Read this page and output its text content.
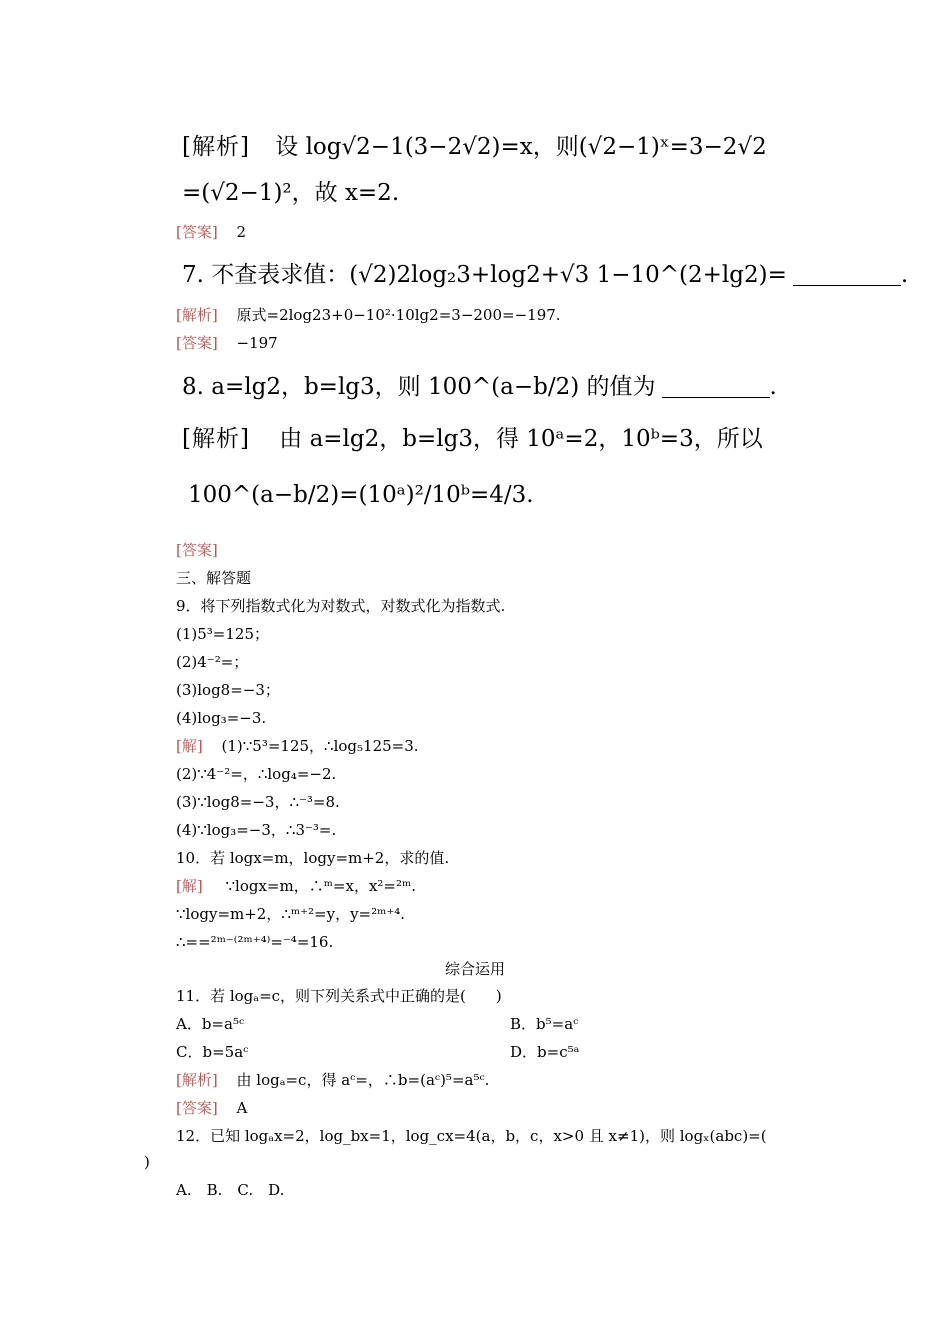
[解析] 设 log√2−1(3−2√2)=x，则(√2−1)ˣ=3−2√2
=(√2−1)²，故 x=2.
[答案] 2
7. 不查表求值：(√2)2log₂3+log2+√3 1−10^(2+lg2)=	.
[解析] 原式=2log23+0−10²·10lg2=3−200=−197.
[答案] −197
8. a=lg2，b=lg3，则 100^(a−b/2) 的值为	.
[解析] 由 a=lg2，b=lg3，得 10ᵃ=2，10ᵇ=3，所以
100^(a−b/2)=(10ᵃ)²/10ᵇ=4/3.
[答案]
三、解答题
9．将下列指数式化为对数式，对数式化为指数式.
(1)5³=125；
(2)4⁻²=；
(3)log8=−3；
(4)log₃=−3.
[解] (1)∵5³=125，∴log₅125=3.
(2)∵4⁻²=，∴log₄=−2.
(3)∵log8=−3，∴⁻³=8.
(4)∵log₃=−3，∴3⁻³=.
10．若 logx=m，logy=m+2，求的值.
[解] ∵logx=m，∴ᵐ=x，x²=²ᵐ.
∵logy=m+2，∴ᵐ⁺²=y，y=²ᵐ⁺⁴.
∴==²ᵐ⁻⁽²ᵐ⁺⁴⁾=⁻⁴=16.
综合运用
11．若 logₐ=c，则下列关系式中正确的是(　　)
A．b=a⁵ᶜ	B．b⁵=aᶜ
C．b=5aᶜ	D．b=c⁵ᵃ
[解析] 由 logₐ=c，得 aᶜ=，∴b=(aᶜ)⁵=a⁵ᶜ.
[答案] A
12．已知 logₐx=2，log_bx=1，log_cx=4(a，b，c，x>0 且 x≠1)，则 logₓ(abc)=(
)
A.　B.　C.　D.
